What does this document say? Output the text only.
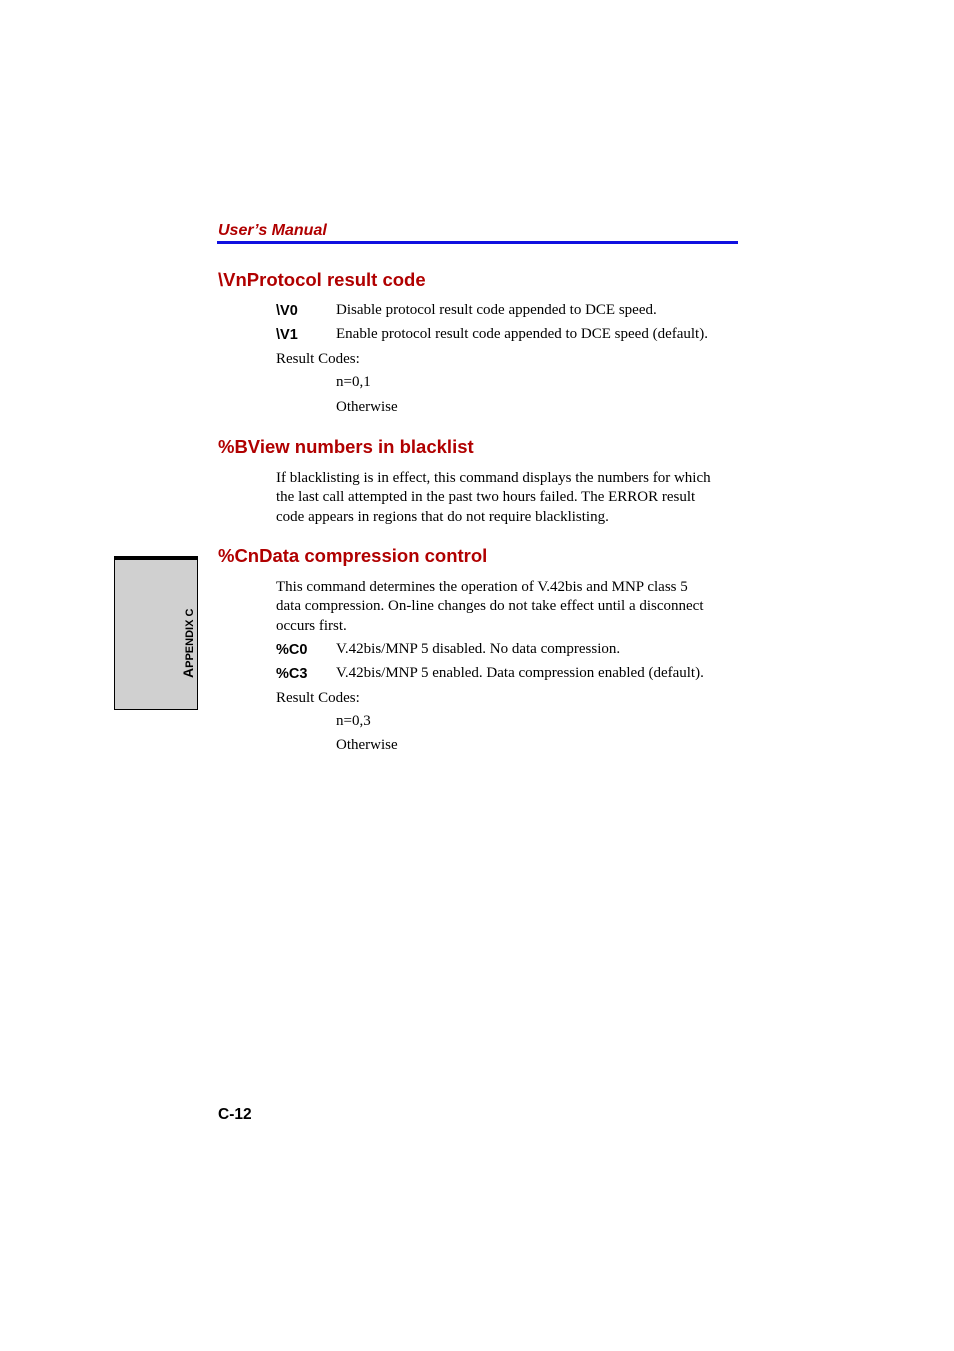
User’s Manual
\VnProtocol result code
\V0	Disable protocol result code appended to DCE speed.
\V1	Enable protocol result code appended to DCE speed (default).
Result Codes:
n=0,1
Otherwise
%BView numbers in blacklist
If blacklisting is in effect, this command displays the numbers for which
the last call attempted in the past two hours failed. The ERROR result
code appears in regions that do not require blacklisting.
%CnData compression control
This command determines the operation of V.42bis and MNP class 5
data compression. On-line changes do not take effect until a disconnect
occurs first.
%C0 V.42bis/MNP 5 disabled. No data compression.
%C3 V.42bis/MNP 5 enabled. Data compression enabled (default).
Result Codes:
n=0,3
Otherwise
APPENDIX C
C-12
